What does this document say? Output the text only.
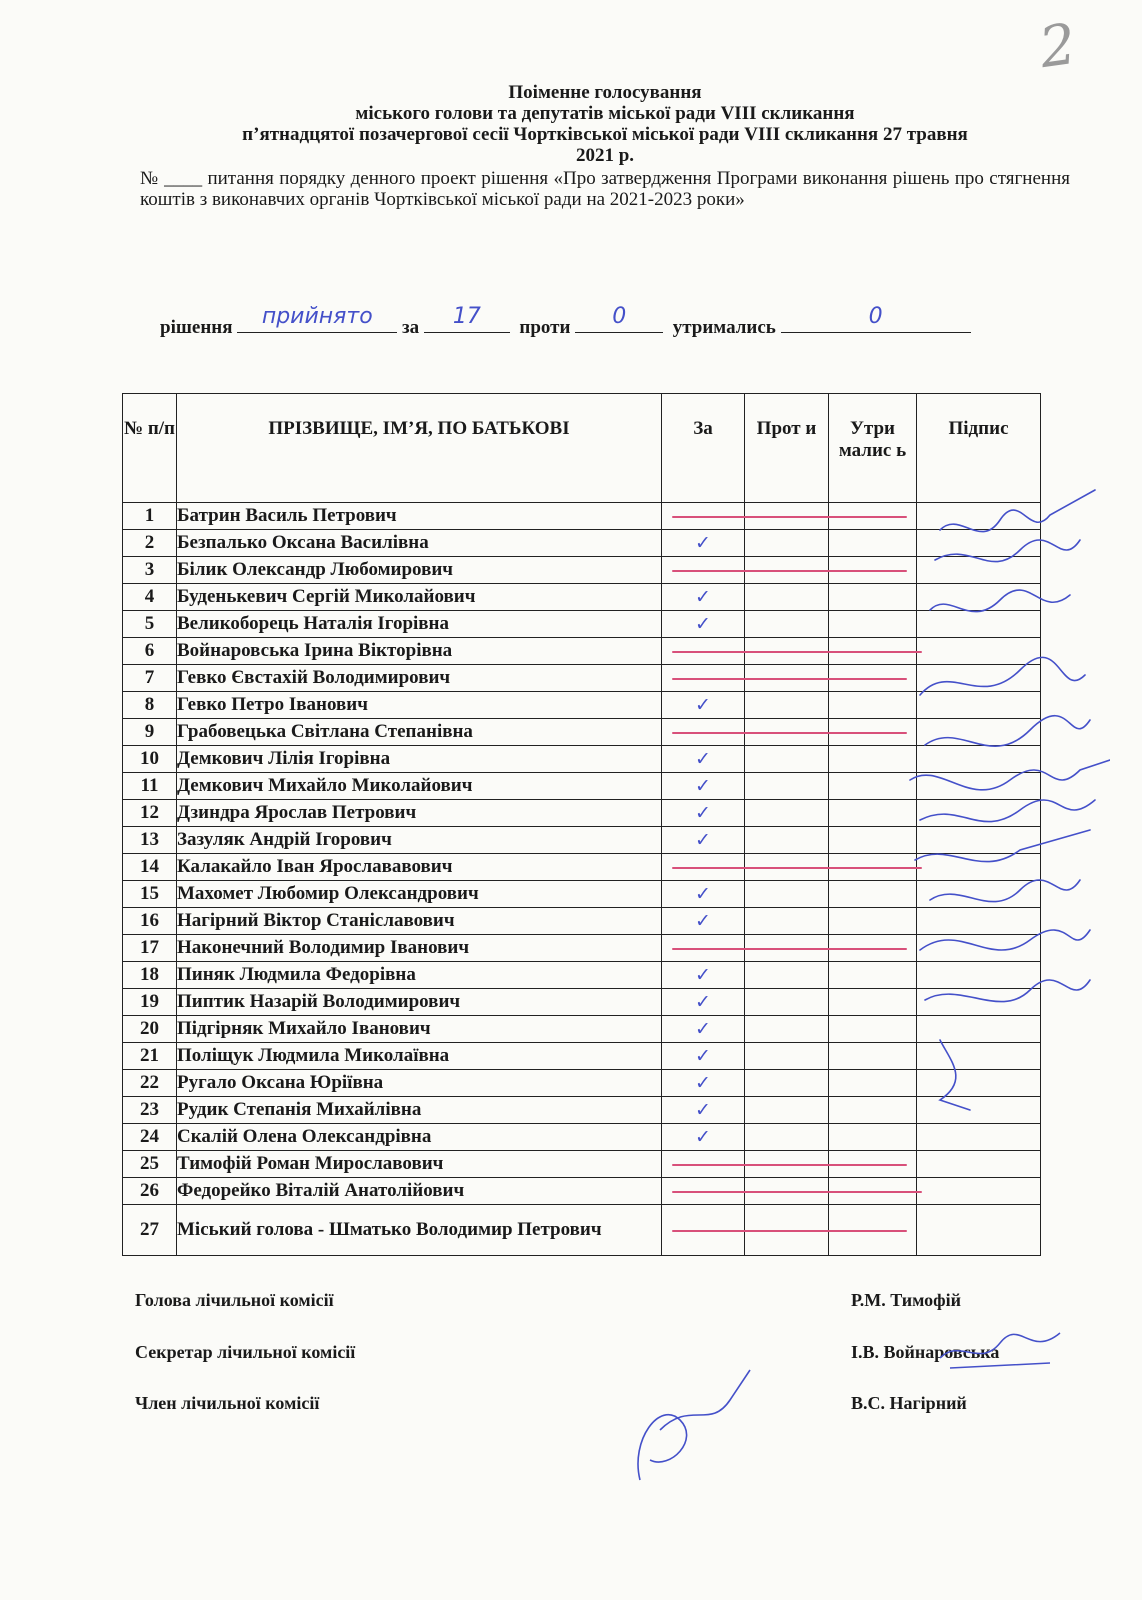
2
Поіменне голосування
міського голови та депутатів міської ради VIII скликання
п’ятнадцятої позачергової сесії Чортківської міської ради VIII скликання 27 травня
2021 р.
№ ____ питання порядку денного проект рішення «Про затвердження Програми виконання рішень про стягнення коштів з виконавчих органів Чортківської міської ради на 2021-2023 роки»
рішення	прийнято	за	17	проти	0	утримались	0
№ п/п	ПРІЗВИЩЕ, ІМ’Я, ПО БАТЬКОВІ	За	Прот и	Утри малис ь	Підпис
1	Батрин Василь Петрович				
2	Безпалько Оксана Василівна	✓			
3	Білик Олександр Любомирович				
4	Буденькевич Сергій Миколайович	✓			
5	Великоборець Наталія Ігорівна	✓			
6	Войнаровська Ірина Вікторівна				
7	Гевко Євстахій Володимирович				
8	Гевко Петро Іванович	✓			
9	Грабовецька Світлана Степанівна				
10	Демкович Лілія Ігорівна	✓			
11	Демкович Михайло Миколайович	✓			
12	Дзиндра Ярослав Петрович	✓			
13	Зазуляк Андрій Ігорович	✓			
14	Калакайло Іван Ярослававович				
15	Махомет Любомир Олександрович	✓			
16	Нагірний Віктор Станіславович	✓			
17	Наконечний Володимир Іванович				
18	Пиняк Людмила Федорівна	✓			
19	Пиптик Назарій Володимирович	✓			
20	Підгірняк Михайло Іванович	✓			
21	Поліщук Людмила Миколаївна	✓			
22	Ругало Оксана Юріївна	✓			
23	Рудик Степанія Михайлівна	✓			
24	Скалій Олена Олександрівна	✓			
25	Тимофій Роман Мирославович				
26	Федорейко Віталій Анатолійович				
27	Міський голова - Шматько Володимир Петрович				
Голова лічильної комісії	Р.М. Тимофій
Секретар лічильної комісії	І.В. Войнаровська
Член лічильної комісії	В.С. Нагірний
